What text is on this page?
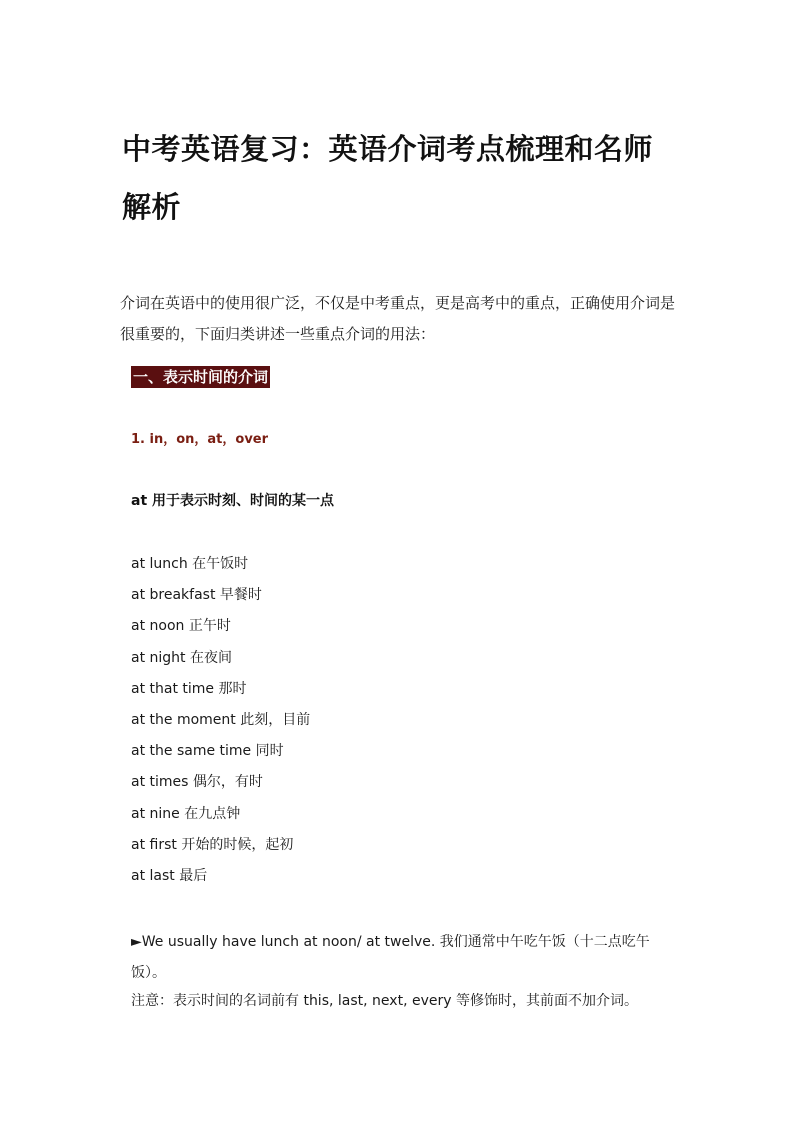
中考英语复习：英语介词考点梳理和名师解析
介词在英语中的使用很广泛，不仅是中考重点，更是高考中的重点，正确使用介词是很重要的，下面归类讲述一些重点介词的用法：
一、表示时间的介词
1. in，on，at，over
at 用于表示时刻、时间的某一点
at lunch 在午饭时
at breakfast 早餐时
at noon 正午时
at night 在夜间
at that time 那时
at the moment 此刻，目前
at the same time 同时
at times 偶尔，有时
at nine 在九点钟
at first 开始的时候，起初
at last 最后
►We usually have lunch at noon/ at twelve. 我们通常中午吃午饭（十二点吃午饭）。
注意：表示时间的名词前有 this, last, next, every 等修饰时，其前面不加介词。
